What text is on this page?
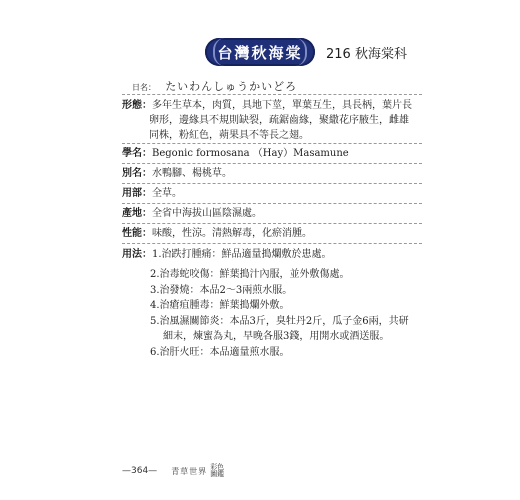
台灣秋海棠 216 秋海棠科
日名： たいわんしゅうかいどろ
形態：多年生草本，肉質，具地下莖，單葉互生，具長柄，葉片長
卵形，邊緣具不規則缺裂，疏鋸齒緣，聚繖花序腋生，雌雄
同株，粉紅色，蒴果具不等長之翅。
學名：Begonic formosana （Hay）Masamune
別名：水鴨腳、楊桃草。
用部：全草。
產地：全省中海拔山區陰濕處。
性能：味酸，性涼。清熱解毒，化瘀消腫。
用法：1.治跌打腫痛：鮮品適量搗爛敷於患處。
2.治毒蛇咬傷：鮮葉搗汁內服，並外敷傷處。
3.治發燒：本品2～3兩煎水服。
4.治瘡疽腫毒：鮮葉搗爛外敷。
5.治風濕關節炎：本品3斤，臭牡丹2斤，瓜子金6兩，共研
細末，煉蜜為丸，早晚各服3錢，用開水或酒送服。
6.治肝火旺：本品適量煎水服。
—364— 青草世界 彩色圖鑑
